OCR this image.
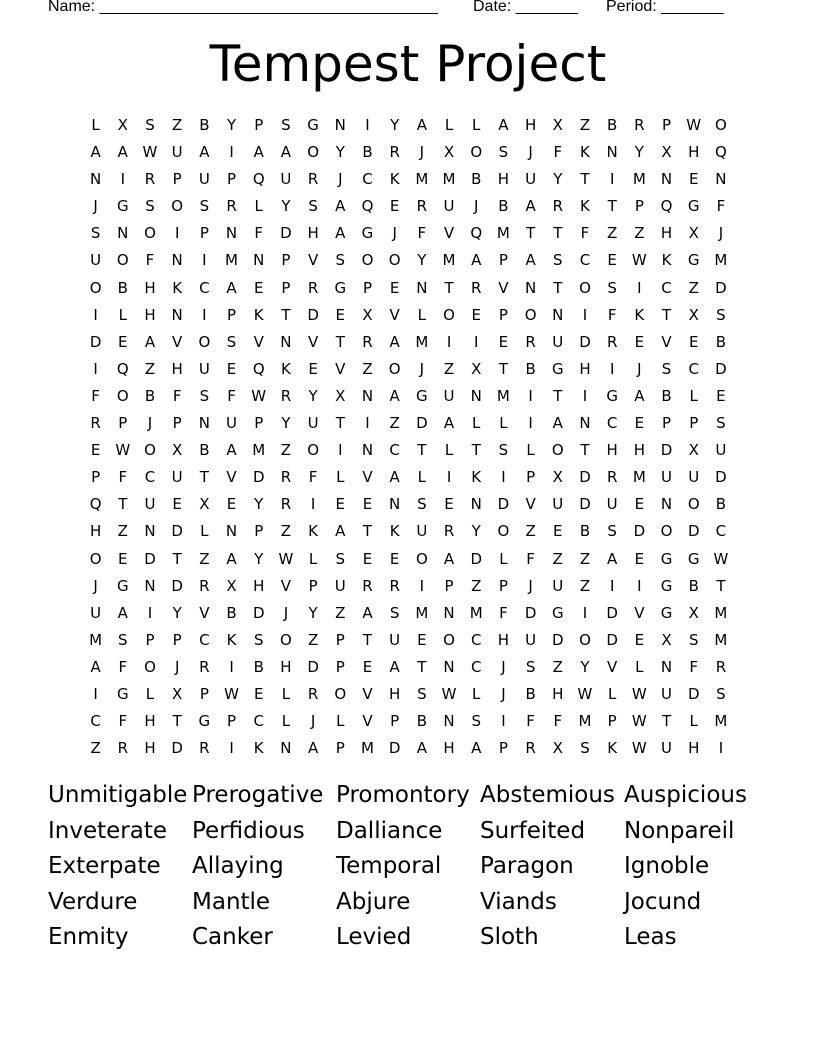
Name: ______________________________________

Date: _______

Period: _______

Tempest Project
L	X	S	Z	B	Y	P	S	G	N	I	Y	A	L	L	A	H	X	Z	B	R	P	W O
A	A W U	A	I	A	A	O	Y	B	R	J	X	O	S	J	F	K	N	Y	X	H	Q
N	I	R	P	U	P	Q	U	R	J	C	K	M M	B	H	U	Y	T	I	M	N	E	N
J	G	S	O	S	R	L	Y	S	A	Q	E	R	U	J	B	A	R	K	T	P	Q	G	F
S	N	O	I	P	N	F	D	H	A	G	J	F	V	Q M	T	T	F	Z	Z	H	X	J
U	O	F	N	I	M	N	P	V	S	O	O	Y	M	A	P	A	S	C	E	W K	G M
O	B	H	K	C	A	E	P	R	G	P	E	N	T	R	V	N	T	O	S	I	C	Z	D
I	L	H	N	I	P	K	T	D	E	X	V	L	O	E	P	O	N	I	F	K	T	X	S
D	E	A	V	O	S	V	N	V	T	R	A	M	I	I	E	R	U	D	R	E	V	E	B
I	Q	Z	H	U	E	Q	K	E	V	Z	O	J	Z	X	T	B	G	H	I	J	S	C	D
F	O	B	F	S	F	W R	Y	X	N	A	G	U	N	M	I	T	I	G	A	B	L	E
R	P	J	P	N	U	P	Y	U	T	I	Z	D	A	L	L	I	A	N	C	E	P	P	S
E	W O	X	B	A	M	Z	O	I	N	C	T	L	T	S	L	O	T	H	H	D	X	U
P	F	C	U	T	V	D	R	F	L	V	A	L	I	K	I	P	X	D	R	M	U	U	D
Q	T	U	E	X	E	Y	R	I	E	E	N	S	E	N	D	V	U	D	U	E	N	O	B
H	Z	N	D	L	N	P	Z	K	A	T	K	U	R	Y	O	Z	E	B	S	D	O	D	C
O	E	D	T	Z	A	Y	W	L	S	E	E	O	A	D	L	F	Z	Z	A	E	G	G W
J	G	N	D	R	X	H	V	P	U	R	R	I	P	Z	P	J	U	Z	I	I	G	B	T
U	A	I	Y	V	B	D	J	Y	Z	A	S	M	N	M	F	D	G	I	D	V	G	X	M
M	S	P	P	C	K	S	O	Z	P	T	U	E	O	C	H	U	D	O	D	E	X	S	M
A	F	O	J	R	I	B	H	D	P	E	A	T	N	C	J	S	Z	Y	V	L	N	F	R
I	G	L	X	P	W	E	L	R	O	V	H	S	W	L	J	B	H W	L	W U	D	S
C	F	H	T	G	P	C	L	J	L	V	P	B	N	S	I	F	F	M	P	W	T	L	M
Z	R	H	D	R	I	K	N	A	P	M D	A	H	A	P	R	X	S	K W U	H	I
Unmitigable Prerogative Promontory Abstemious Auspicious
Inveterate	Perfidious	Dalliance	Surfeited	Nonpareil
Exterpate	Allaying	Temporal	Paragon	Ignoble
Verdure	Mantle	Abjure	Viands	Jocund
Enmity	Canker	Levied	Sloth	Leas
